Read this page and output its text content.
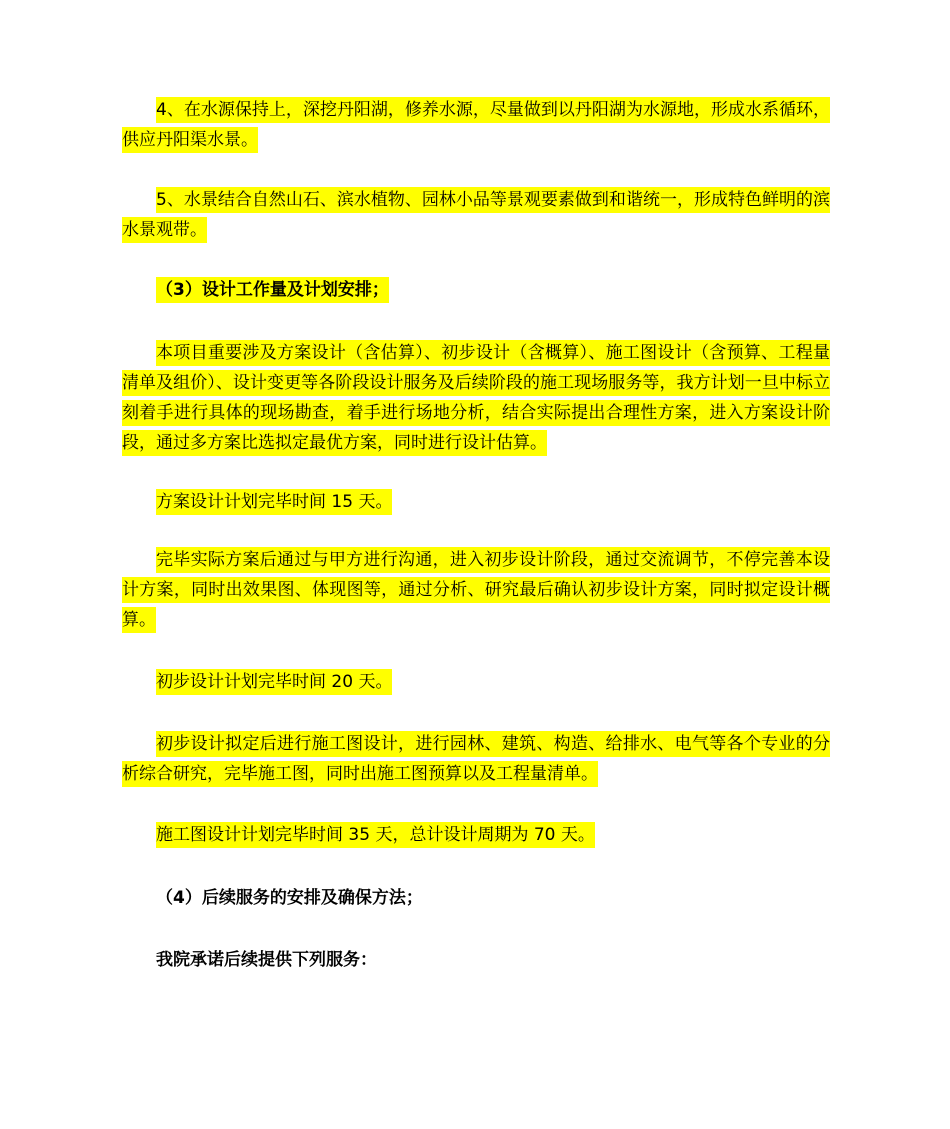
4、在水源保持上，深挖丹阳湖，修养水源，尽量做到以丹阳湖为水源地，形成水系循环，供应丹阳渠水景。

5、水景结合自然山石、滨水植物、园林小品等景观要素做到和谐统一，形成特色鲜明的滨水景观带。

（3）设计工作量及计划安排；

本项目重要涉及方案设计（含估算）、初步设计（含概算）、施工图设计（含预算、工程量清单及组价）、设计变更等各阶段设计服务及后续阶段的施工现场服务等，我方计划一旦中标立刻着手进行具体的现场勘查，着手进行场地分析，结合实际提出合理性方案，进入方案设计阶段，通过多方案比选拟定最优方案，同时进行设计估算。

方案设计计划完毕时间 15 天。

完毕实际方案后通过与甲方进行沟通，进入初步设计阶段，通过交流调节，不停完善本设计方案，同时出效果图、体现图等，通过分析、研究最后确认初步设计方案，同时拟定设计概算。

初步设计计划完毕时间 20 天。

初步设计拟定后进行施工图设计，进行园林、建筑、构造、给排水、电气等各个专业的分析综合研究，完毕施工图，同时出施工图预算以及工程量清单。

施工图设计计划完毕时间 35 天，总计设计周期为 70 天。

（4）后续服务的安排及确保方法；

我院承诺后续提供下列服务：
